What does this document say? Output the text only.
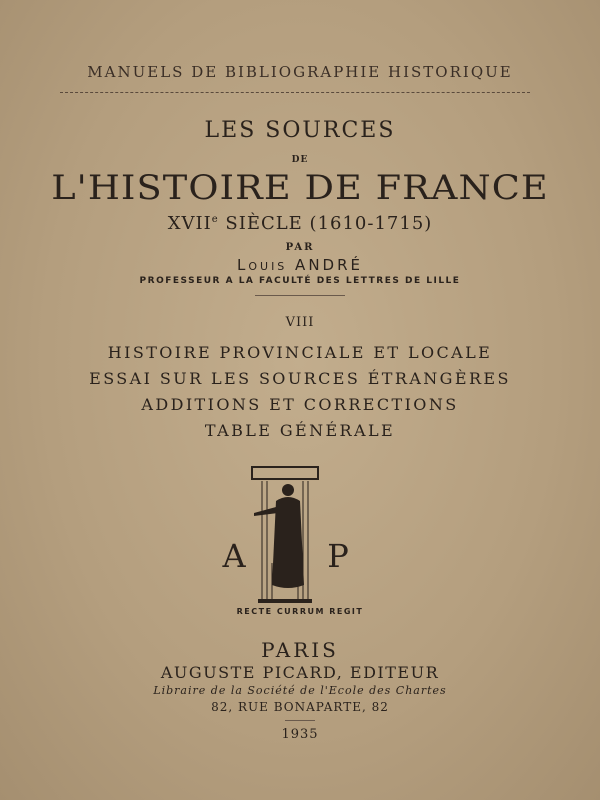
MANUELS DE BIBLIOGRAPHIE HISTORIQUE
LES SOURCES
DE
L'HISTOIRE DE FRANCE
XVIIe SIÈCLE (1610-1715)
PAR
Louis ANDRÉ
PROFESSEUR A LA FACULTÉ DES LETTRES DE LILLE
VIII
HISTOIRE PROVINCIALE ET LOCALE
ESSAI SUR LES SOURCES ÉTRANGÈRES
ADDITIONS ET CORRECTIONS
TABLE GÉNÉRALE
A	P
RECTE CURRUM REGIT
PARIS
AUGUSTE PICARD, EDITEUR
Libraire de la Société de l'Ecole des Chartes
82, RUE BONAPARTE, 82
1935
